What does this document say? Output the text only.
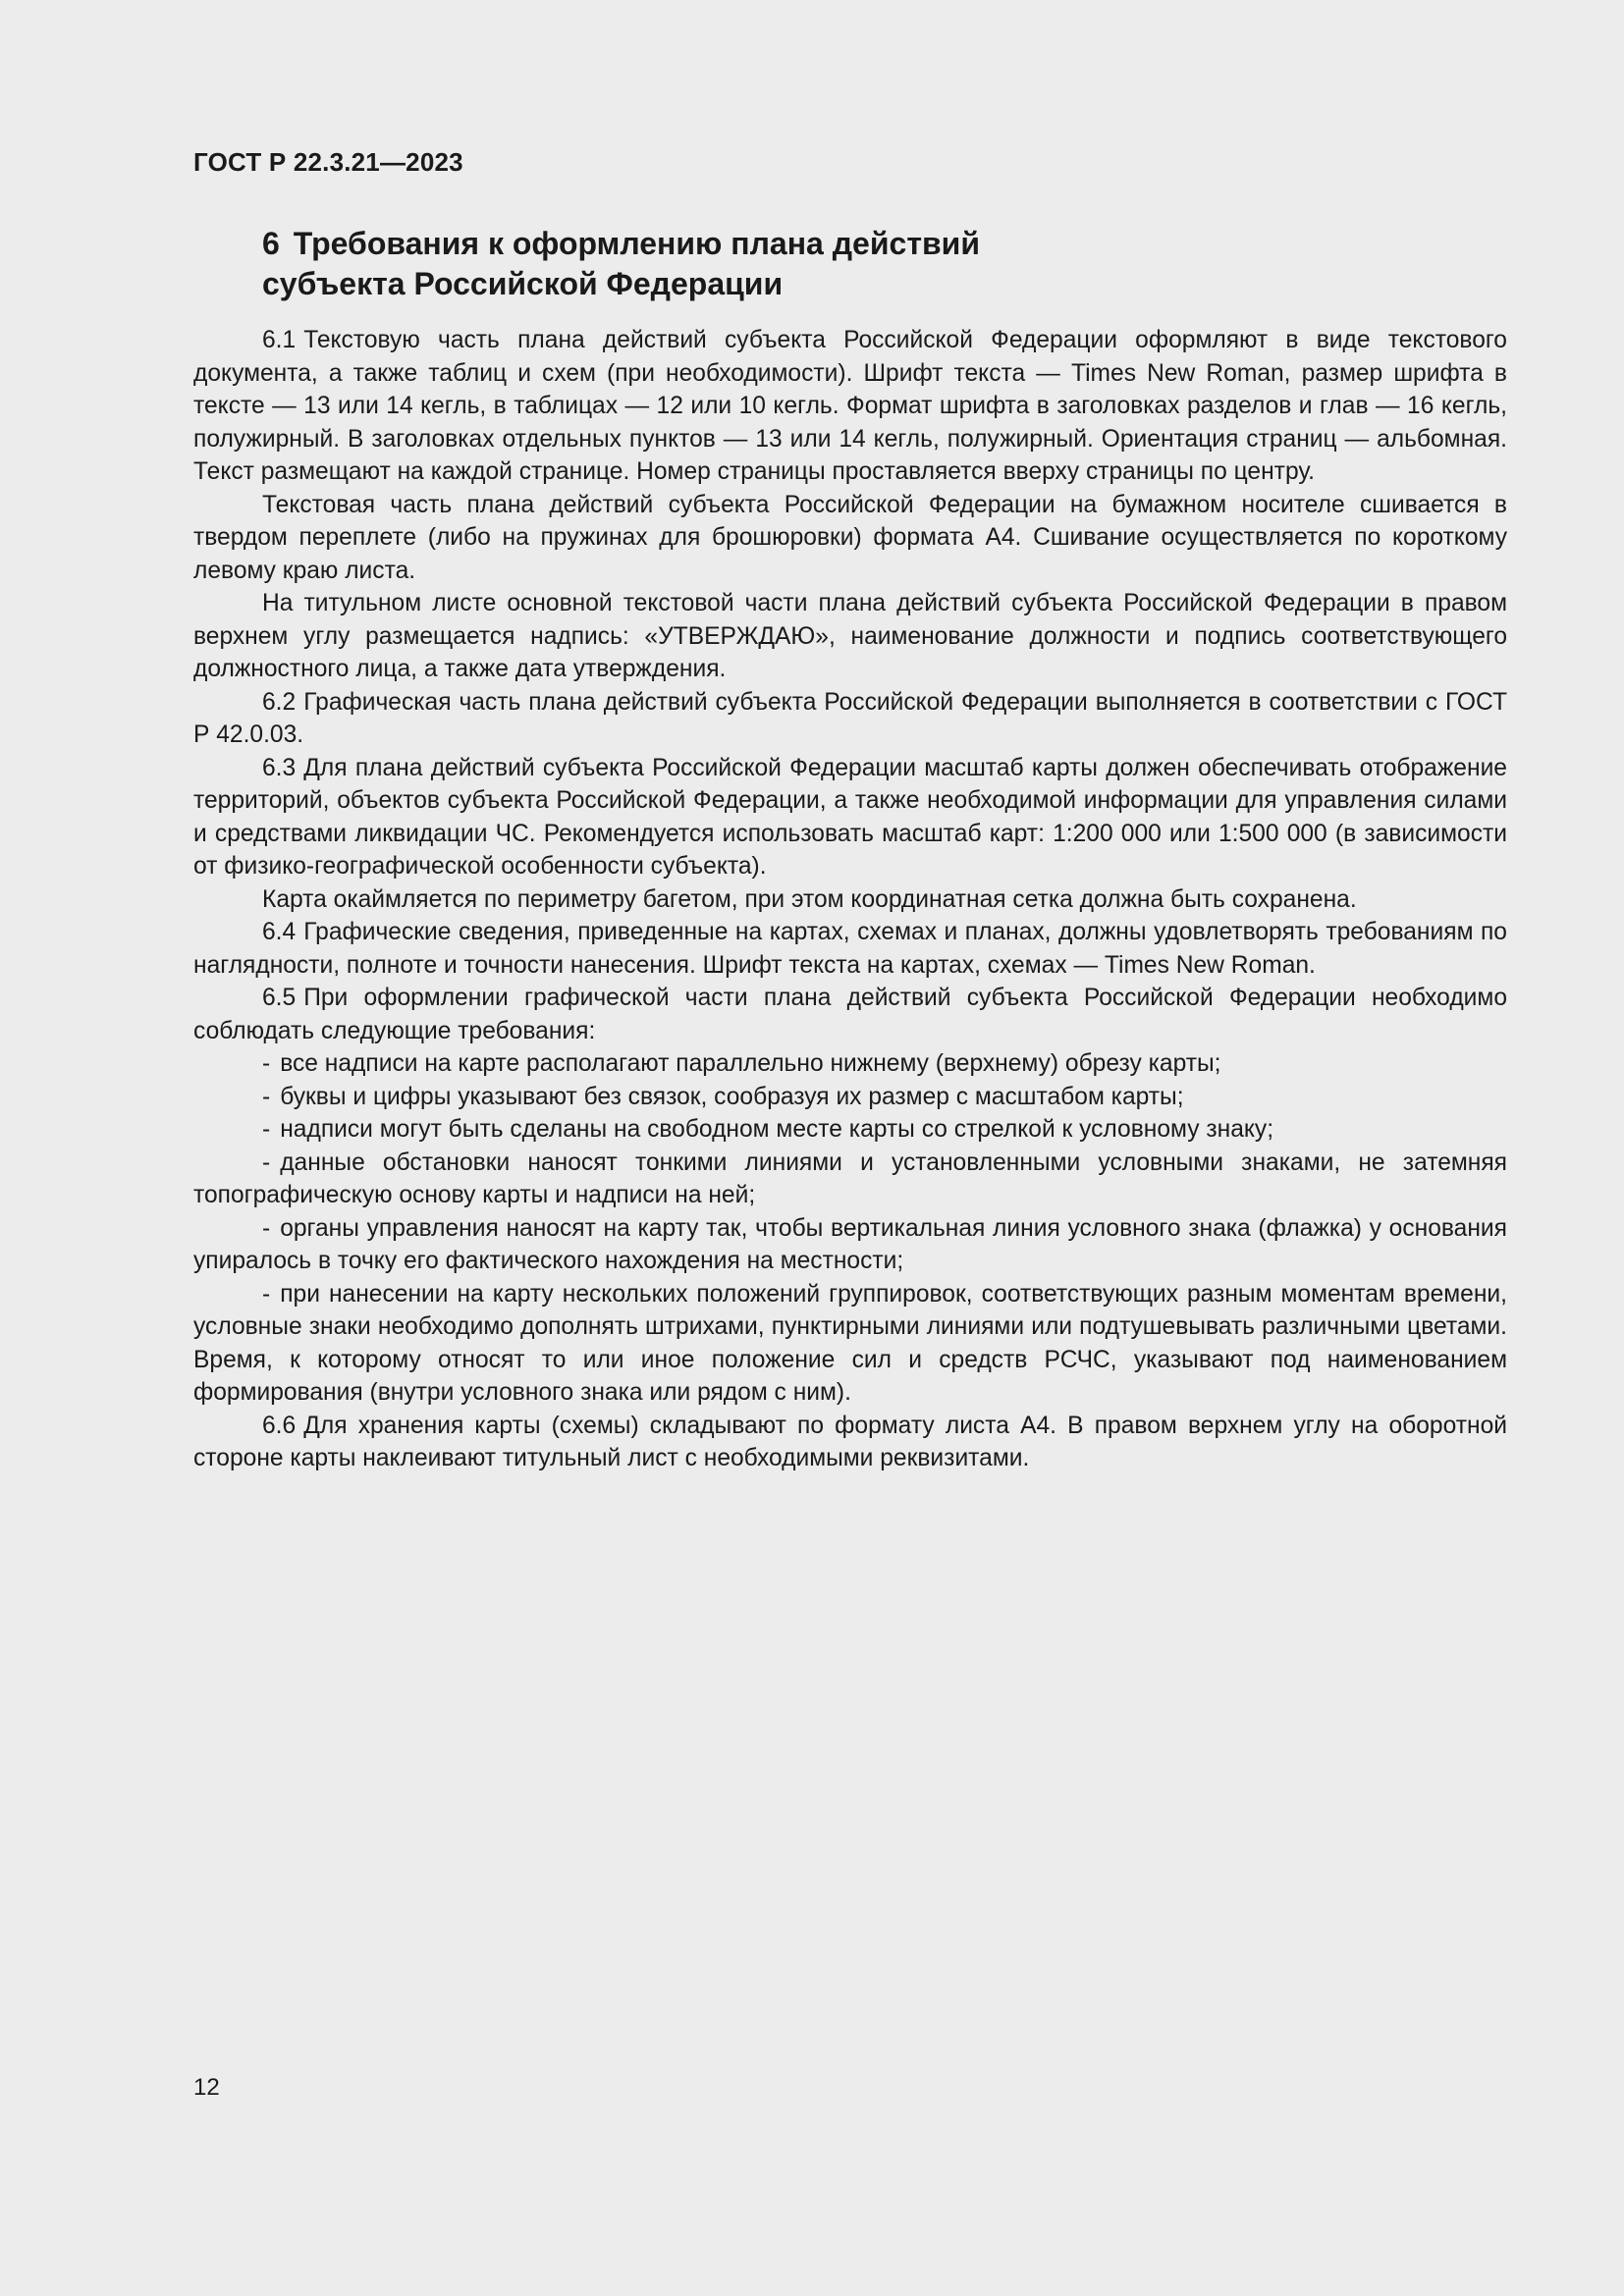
ГОСТ Р 22.3.21—2023
6 Требования к оформлению плана действий
субъекта Российской Федерации

6.1 Текстовую часть плана действий субъекта Российской Федерации оформляют в виде текстового документа, а также таблиц и схем (при необходимости). Шрифт текста — Times New Roman, размер шрифта в тексте — 13 или 14 кегль, в таблицах — 12 или 10 кегль. Формат шрифта в заголовках разделов и глав — 16 кегль, полужирный. В заголовках отдельных пунктов — 13 или 14 кегль, полужирный. Ориентация страниц — альбомная. Текст размещают на каждой странице. Номер страницы проставляется вверху страницы по центру.

Текстовая часть плана действий субъекта Российской Федерации на бумажном носителе сшивается в твердом переплете (либо на пружинах для брошюровки) формата А4. Сшивание осуществляется по короткому левому краю листа.

На титульном листе основной текстовой части плана действий субъекта Российской Федерации в правом верхнем углу размещается надпись: «УТВЕРЖДАЮ», наименование должности и подпись соответствующего должностного лица, а также дата утверждения.

6.2 Графическая часть плана действий субъекта Российской Федерации выполняется в соответствии с ГОСТ Р 42.0.03.

6.3 Для плана действий субъекта Российской Федерации масштаб карты должен обеспечивать отображение территорий, объектов субъекта Российской Федерации, а также необходимой информации для управления силами и средствами ликвидации ЧС. Рекомендуется использовать масштаб карт: 1:200 000 или 1:500 000 (в зависимости от физико-географической особенности субъекта).

Карта окаймляется по периметру багетом, при этом координатная сетка должна быть сохранена.

6.4 Графические сведения, приведенные на картах, схемах и планах, должны удовлетворять требованиям по наглядности, полноте и точности нанесения. Шрифт текста на картах, схемах — Times New Roman.

6.5 При оформлении графической части плана действий субъекта Российской Федерации необходимо соблюдать следующие требования:

- все надписи на карте располагают параллельно нижнему (верхнему) обрезу карты;

- буквы и цифры указывают без связок, сообразуя их размер с масштабом карты;

- надписи могут быть сделаны на свободном месте карты со стрелкой к условному знаку;

- данные обстановки наносят тонкими линиями и установленными условными знаками, не затемняя топографическую основу карты и надписи на ней;

- органы управления наносят на карту так, чтобы вертикальная линия условного знака (флажка) у основания упиралось в точку его фактического нахождения на местности;

- при нанесении на карту нескольких положений группировок, соответствующих разным моментам времени, условные знаки необходимо дополнять штрихами, пунктирными линиями или подтушевывать различными цветами. Время, к которому относят то или иное положение сил и средств РСЧС, указывают под наименованием формирования (внутри условного знака или рядом с ним).

6.6 Для хранения карты (схемы) складывают по формату листа А4. В правом верхнем углу на оборотной стороне карты наклеивают титульный лист с необходимыми реквизитами.

12
